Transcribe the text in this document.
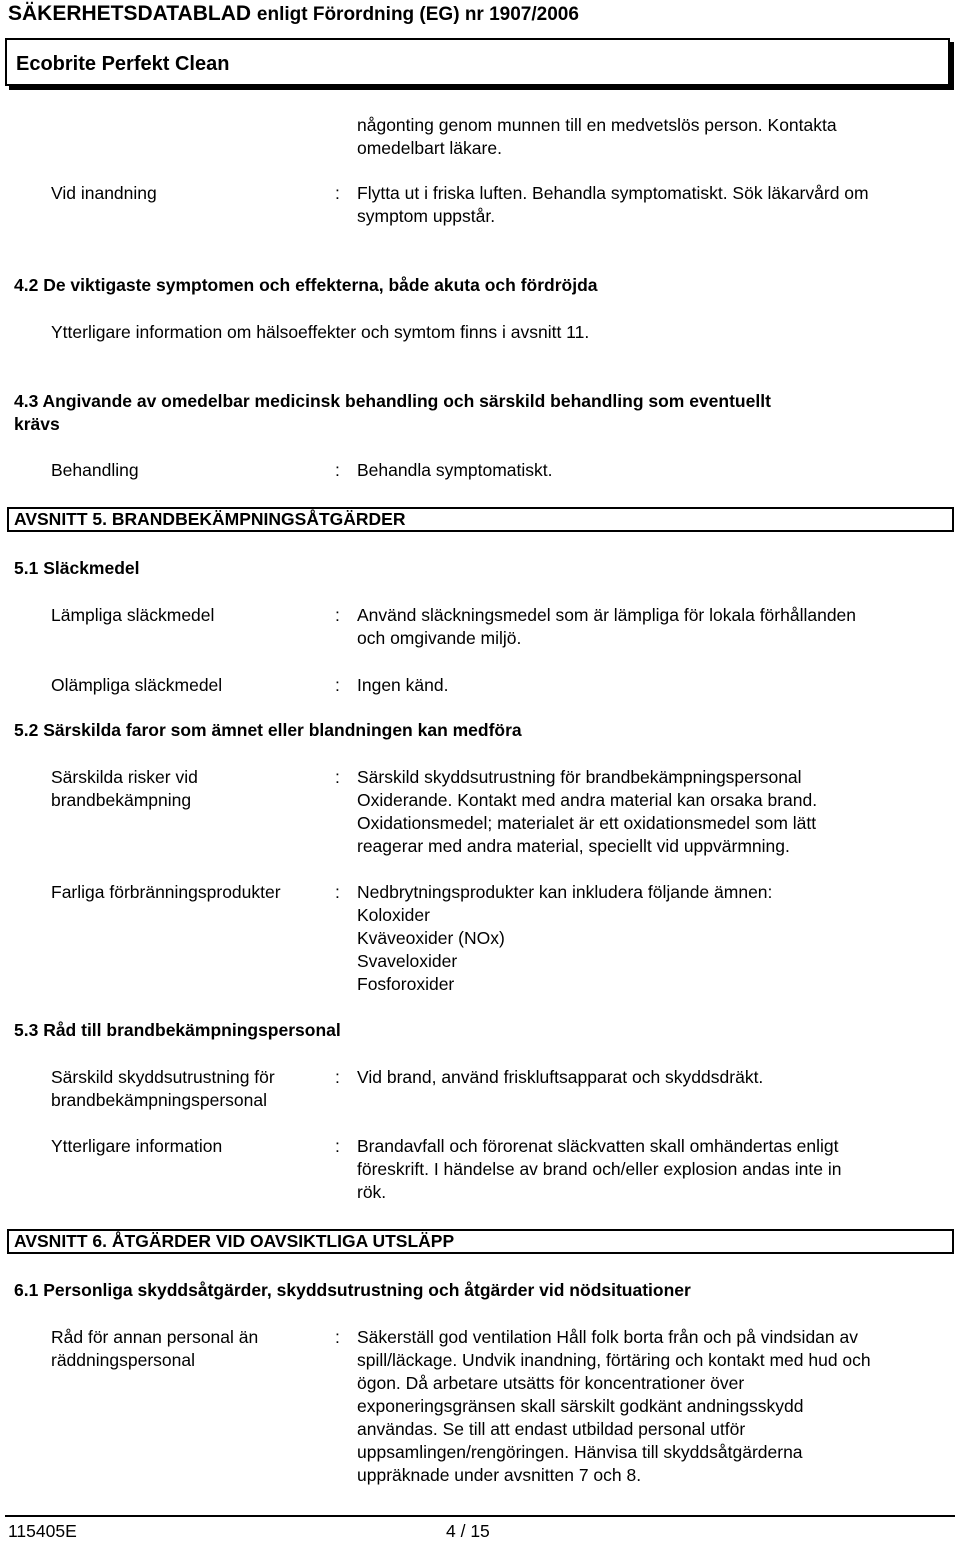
SÄKERHETSDATABLAD enligt Förordning (EG) nr 1907/2006
Ecobrite Perfekt Clean
någonting genom munnen till en medvetslös person. Kontakta
omedelbart läkare.
Vid inandning	: Flytta ut i friska luften. Behandla symptomatiskt. Sök läkarvård om
symptom uppstår.
4.2 De viktigaste symptomen och effekterna, både akuta och fördröjda
Ytterligare information om hälsoeffekter och symtom finns i avsnitt 11.
4.3 Angivande av omedelbar medicinsk behandling och särskild behandling som eventuellt
krävs
Behandling	: Behandla symptomatiskt.
AVSNITT 5. BRANDBEKÄMPNINGSÅTGÄRDER
5.1 Släckmedel
Lämpliga släckmedel	: Använd släckningsmedel som är lämpliga för lokala förhållanden
och omgivande miljö.
Olämpliga släckmedel	: Ingen känd.
5.2 Särskilda faror som ämnet eller blandningen kan medföra
Särskilda risker vid
brandbekämpning
: Särskild skyddsutrustning för brandbekämpningspersonal
Oxiderande. Kontakt med andra material kan orsaka brand.
Oxidationsmedel; materialet är ett oxidationsmedel som lätt
reagerar med andra material, speciellt vid uppvärmning.
Farliga förbränningsprodukter	: Nedbrytningsprodukter kan inkludera följande ämnen:
Koloxider
Kväveoxider (NOx)
Svaveloxider
Fosforoxider
5.3 Råd till brandbekämpningspersonal
Särskild skyddsutrustning för
brandbekämpningspersonal
: Vid brand, använd friskluftsapparat och skyddsdräkt.
Ytterligare information	: Brandavfall och förorenat släckvatten skall omhändertas enligt
föreskrift. I händelse av brand och/eller explosion andas inte in
rök.
AVSNITT 6. ÅTGÄRDER VID OAVSIKTLIGA UTSLÄPP
6.1 Personliga skyddsåtgärder, skyddsutrustning och åtgärder vid nödsituationer
Råd för annan personal än
räddningspersonal
: Säkerställ god ventilation Håll folk borta från och på vindsidan av
spill/läckage. Undvik inandning, förtäring och kontakt med hud och
ögon. Då arbetare utsätts för koncentrationer över
exponeringsgränsen skall särskilt godkänt andningsskydd
användas. Se till att endast utbildad personal utför
uppsamlingen/rengöringen. Hänvisa till skyddsåtgärderna
uppräknade under avsnitten 7 och 8.
115405E	4 / 15
